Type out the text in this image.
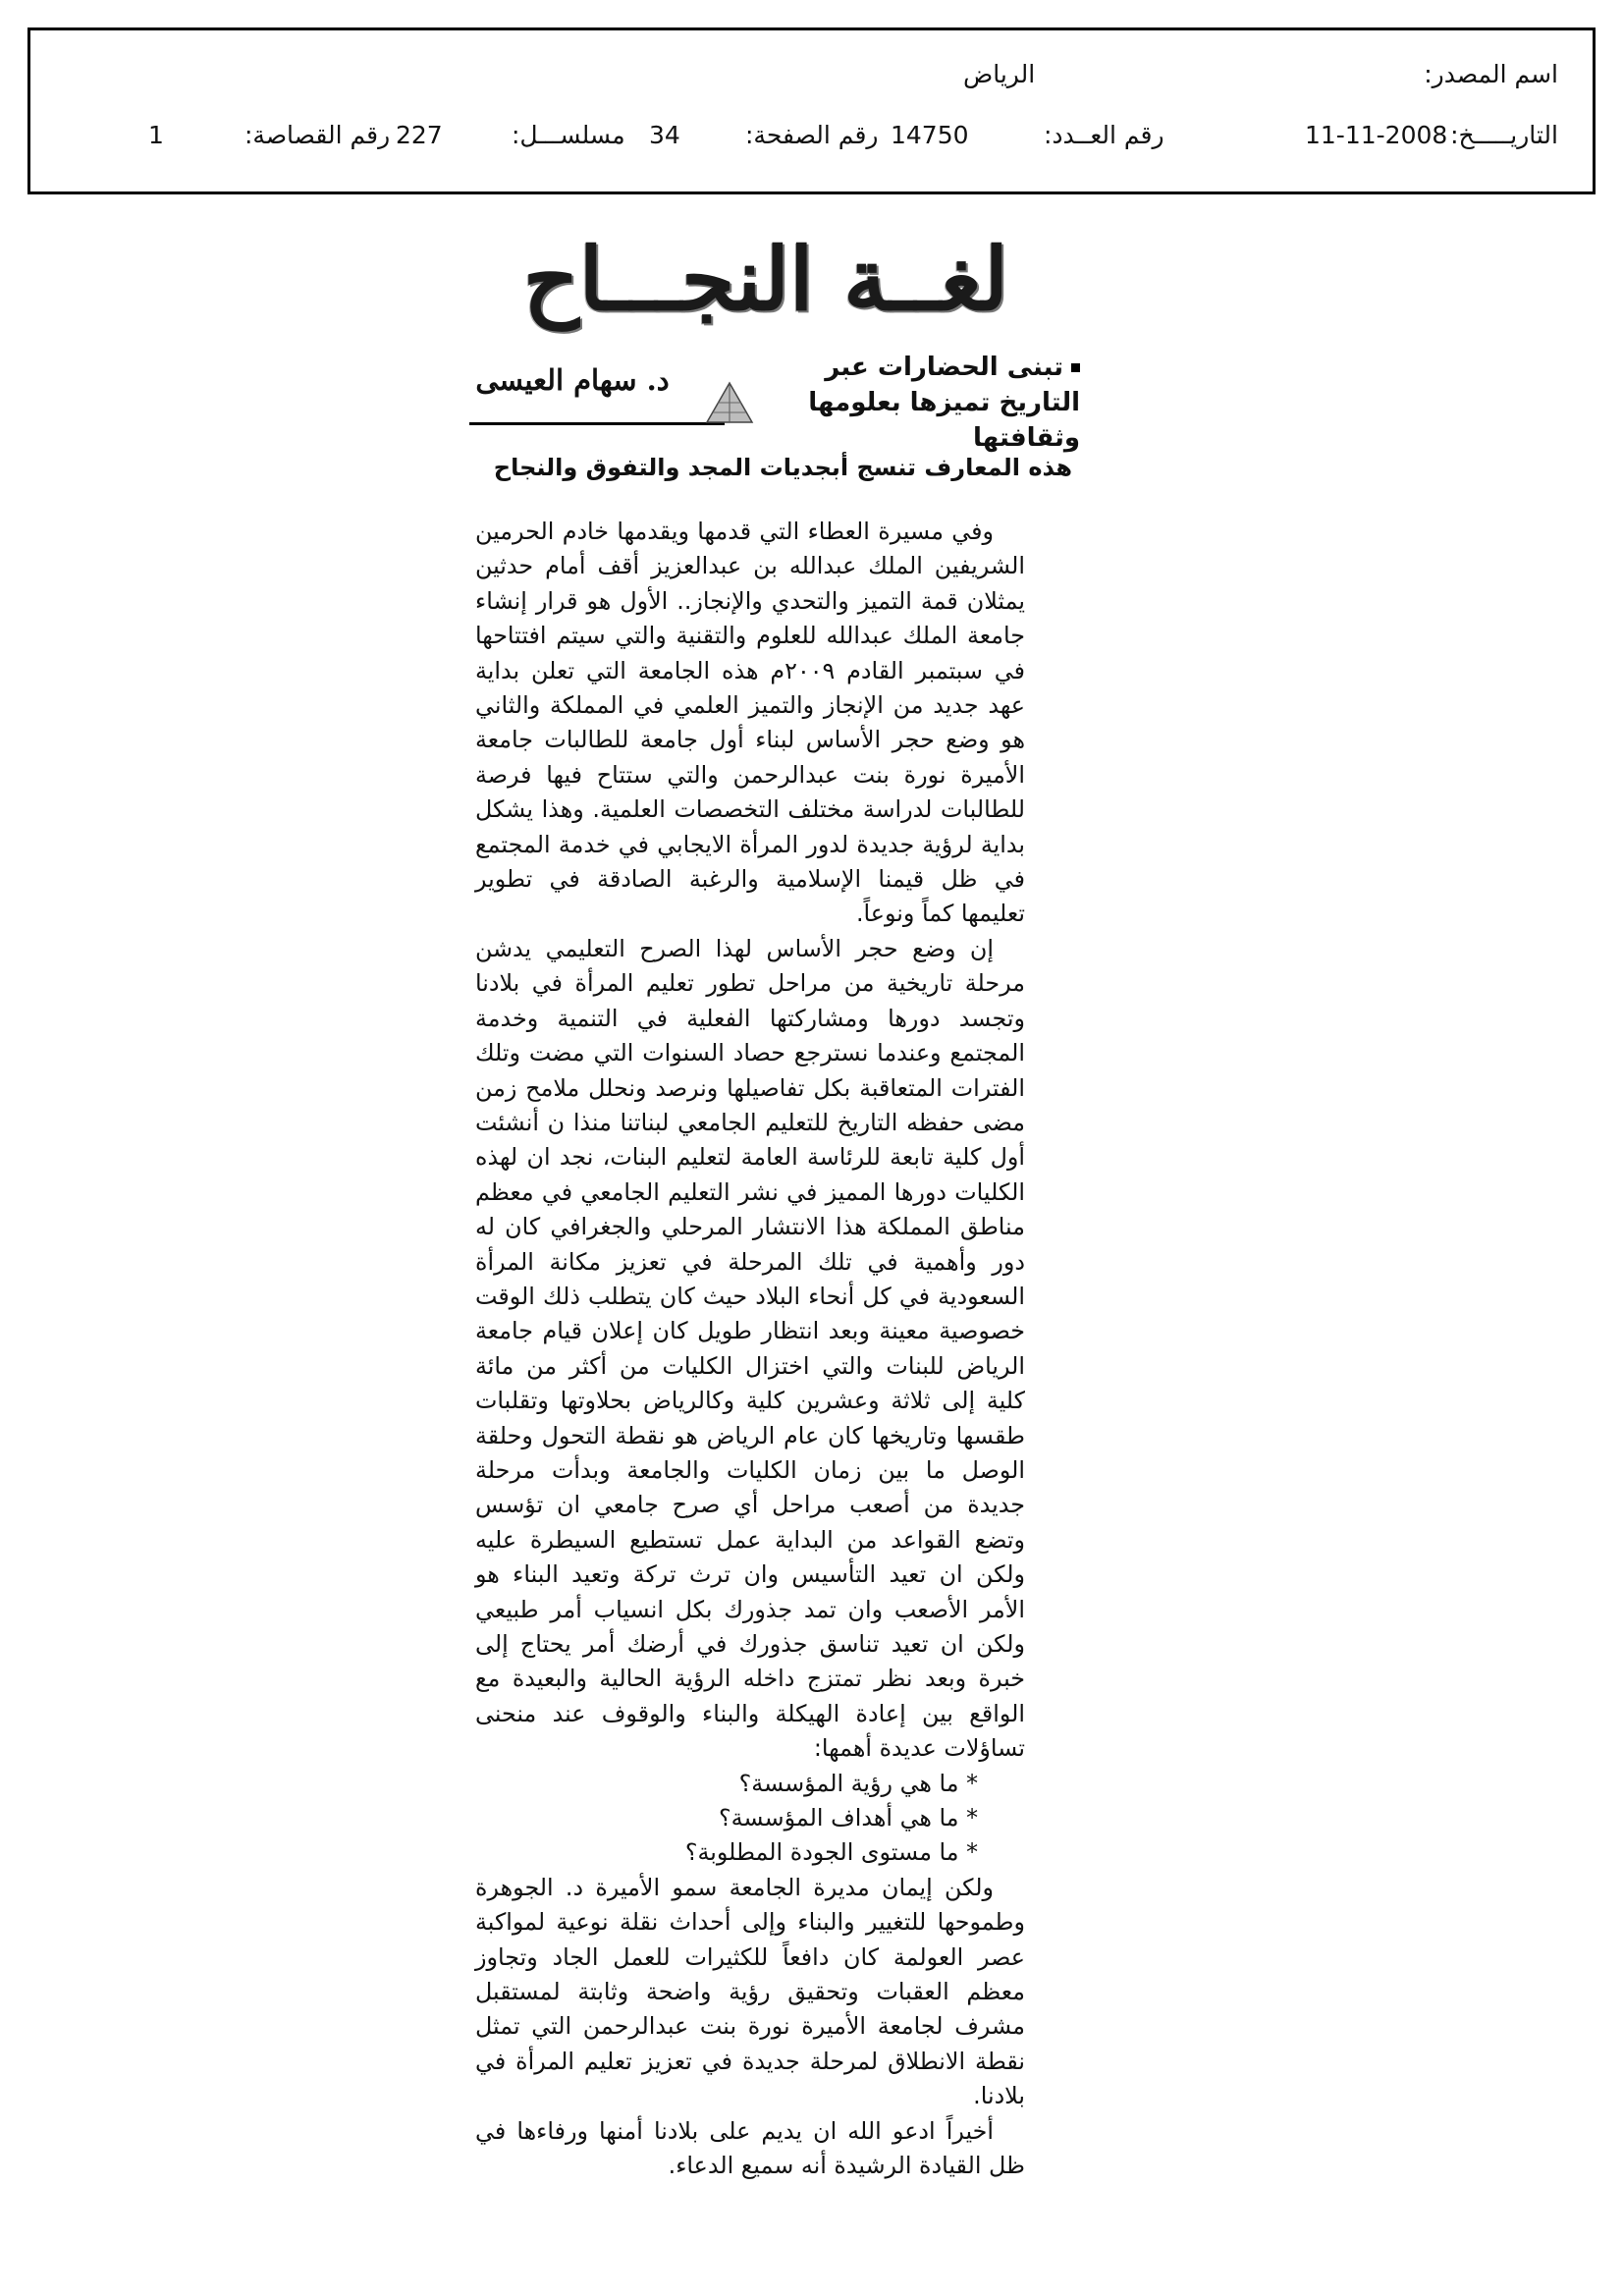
اسم المصدر:
الرياض
التاريـــــخ:
11-11-2008
رقم العــدد:
14750
رقم الصفحة:
34
مسلســـل:
227
رقم القصاصة:
1
لغــة النجـــاح
د. سهام العيسى	تبنى الحضارات عبر التاريخ تميزها بعلومها وثقافتها
هذه المعارف تنسج أبجديات المجد والتفوق والنجاح

وفي مسيرة العطاء التي قدمها ويقدمها خادم الحرمين الشريفين الملك عبدالله بن عبدالعزيز أقف أمام حدثين يمثلان قمة التميز والتحدي والإنجاز.. الأول هو قرار إنشاء جامعة الملك عبدالله للعلوم والتقنية والتي سيتم افتتاحها في سبتمبر القادم ٢٠٠٩م هذه الجامعة التي تعلن بداية عهد جديد من الإنجاز والتميز العلمي في المملكة والثاني هو وضع حجر الأساس لبناء أول جامعة للطالبات جامعة الأميرة نورة بنت عبدالرحمن والتي ستتاح فيها فرصة للطالبات لدراسة مختلف التخصصات العلمية. وهذا يشكل بداية لرؤية جديدة لدور المرأة الايجابي في خدمة المجتمع في ظل قيمنا الإسلامية والرغبة الصادقة في تطوير تعليمها كماً ونوعاً.

إن وضع حجر الأساس لهذا الصرح التعليمي يدشن مرحلة تاريخية من مراحل تطور تعليم المرأة في بلادنا وتجسد دورها ومشاركتها الفعلية في التنمية وخدمة المجتمع وعندما نسترجع حصاد السنوات التي مضت وتلك الفترات المتعاقبة بكل تفاصيلها ونرصد ونحلل ملامح زمن مضى حفظه التاريخ للتعليم الجامعي لبناتنا منذا ن أنشئت أول كلية تابعة للرئاسة العامة لتعليم البنات، نجد ان لهذه الكليات دورها المميز في نشر التعليم الجامعي في معظم مناطق المملكة هذا الانتشار المرحلي والجغرافي كان له دور وأهمية في تلك المرحلة في تعزيز مكانة المرأة السعودية في كل أنحاء البلاد حيث كان يتطلب ذلك الوقت خصوصية معينة وبعد انتظار طويل كان إعلان قيام جامعة الرياض للبنات والتي اختزال الكليات من أكثر من مائة كلية إلى ثلاثة وعشرين كلية وكالرياض بحلاوتها وتقلبات طقسها وتاريخها كان عام الرياض هو نقطة التحول وحلقة الوصل ما بين زمان الكليات والجامعة وبدأت مرحلة جديدة من أصعب مراحل أي صرح جامعي ان تؤسس وتضع القواعد من البداية عمل تستطيع السيطرة عليه ولكن ان تعيد التأسيس وان ترث تركة وتعيد البناء هو الأمر الأصعب وان تمد جذورك بكل انسياب أمر طبيعي ولكن ان تعيد تناسق جذورك في أرضك أمر يحتاج إلى خبرة وبعد نظر تمتزج داخله الرؤية الحالية والبعيدة مع الواقع بين إعادة الهيكلة والبناء والوقوف عند منحنى تساؤلات عديدة أهمها:

* ما هي رؤية المؤسسة؟
* ما هي أهداف المؤسسة؟
* ما مستوى الجودة المطلوبة؟

ولكن إيمان مديرة الجامعة سمو الأميرة د. الجوهرة وطموحها للتغيير والبناء وإلى أحداث نقلة نوعية لمواكبة عصر العولمة كان دافعاً للكثيرات للعمل الجاد وتجاوز معظم العقبات وتحقيق رؤية واضحة وثابتة لمستقبل مشرف لجامعة الأميرة نورة بنت عبدالرحمن التي تمثل نقطة الانطلاق لمرحلة جديدة في تعزيز تعليم المرأة في بلادنا.

أخيراً ادعو الله ان يديم على بلادنا أمنها ورفاءها في ظل القيادة الرشيدة أنه سميع الدعاء.
